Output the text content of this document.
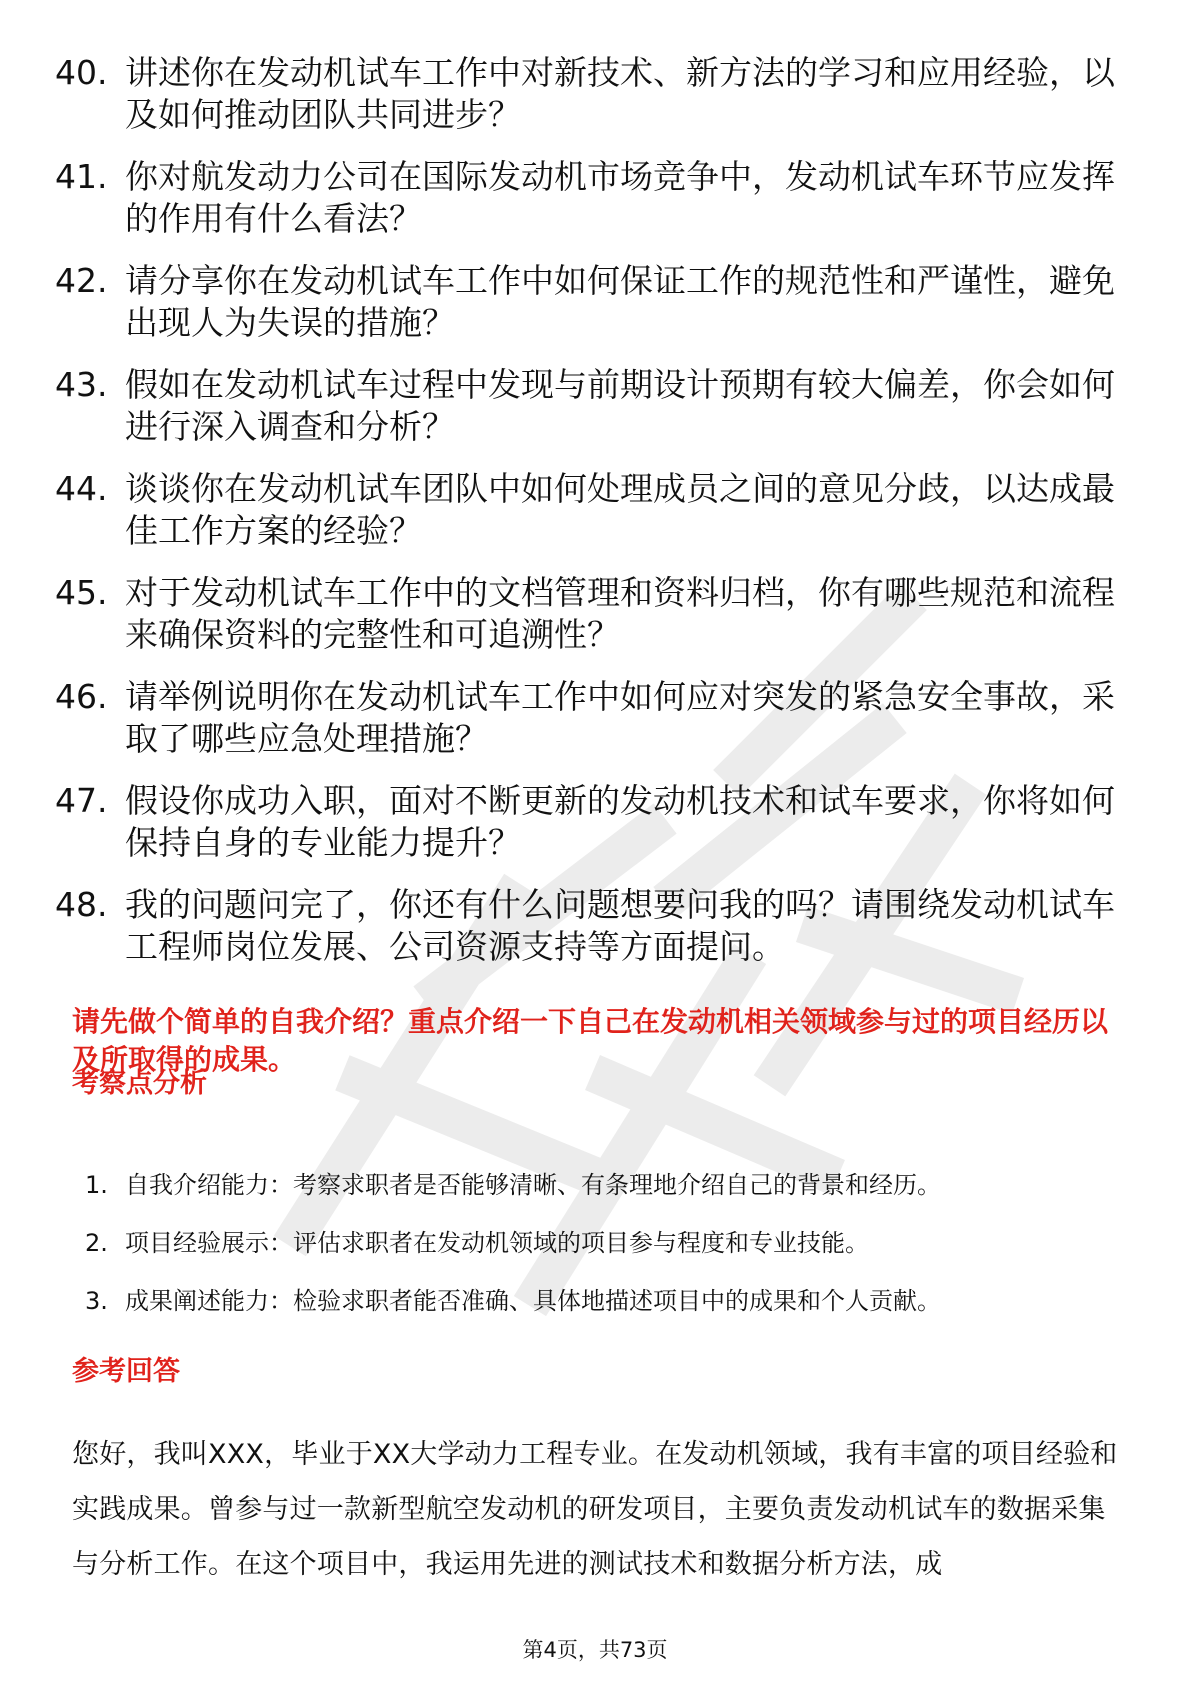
40. 讲述你在发动机试车工作中对新技术、新方法的学习和应用经验，以及如何推动团队共同进步？
41. 你对航发动力公司在国际发动机市场竞争中，发动机试车环节应发挥的作用有什么看法？
42. 请分享你在发动机试车工作中如何保证工作的规范性和严谨性，避免出现人为失误的措施？
43. 假如在发动机试车过程中发现与前期设计预期有较大偏差，你会如何进行深入调查和分析？
44. 谈谈你在发动机试车团队中如何处理成员之间的意见分歧，以达成最佳工作方案的经验？
45. 对于发动机试车工作中的文档管理和资料归档，你有哪些规范和流程来确保资料的完整性和可追溯性？
46. 请举例说明你在发动机试车工作中如何应对突发的紧急安全事故，采取了哪些应急处理措施？
47. 假设你成功入职，面对不断更新的发动机技术和试车要求，你将如何保持自身的专业能力提升？
48. 我的问题问完了，你还有什么问题想要问我的吗？请围绕发动机试车工程师岗位发展、公司资源支持等方面提问。
请先做个简单的自我介绍？重点介绍一下自己在发动机相关领域参与过的项目经历以及所取得的成果。
考察点分析
1. 自我介绍能力：考察求职者是否能够清晰、有条理地介绍自己的背景和经历。
2. 项目经验展示：评估求职者在发动机领域的项目参与程度和专业技能。
3. 成果阐述能力：检验求职者能否准确、具体地描述项目中的成果和个人贡献。
参考回答
您好，我叫XXX，毕业于XX大学动力工程专业。在发动机领域，我有丰富的项目经验和实践成果。曾参与过一款新型航空发动机的研发项目，主要负责发动机试车的数据采集与分析工作。在这个项目中，我运用先进的测试技术和数据分析方法，成
第4页，共73页
